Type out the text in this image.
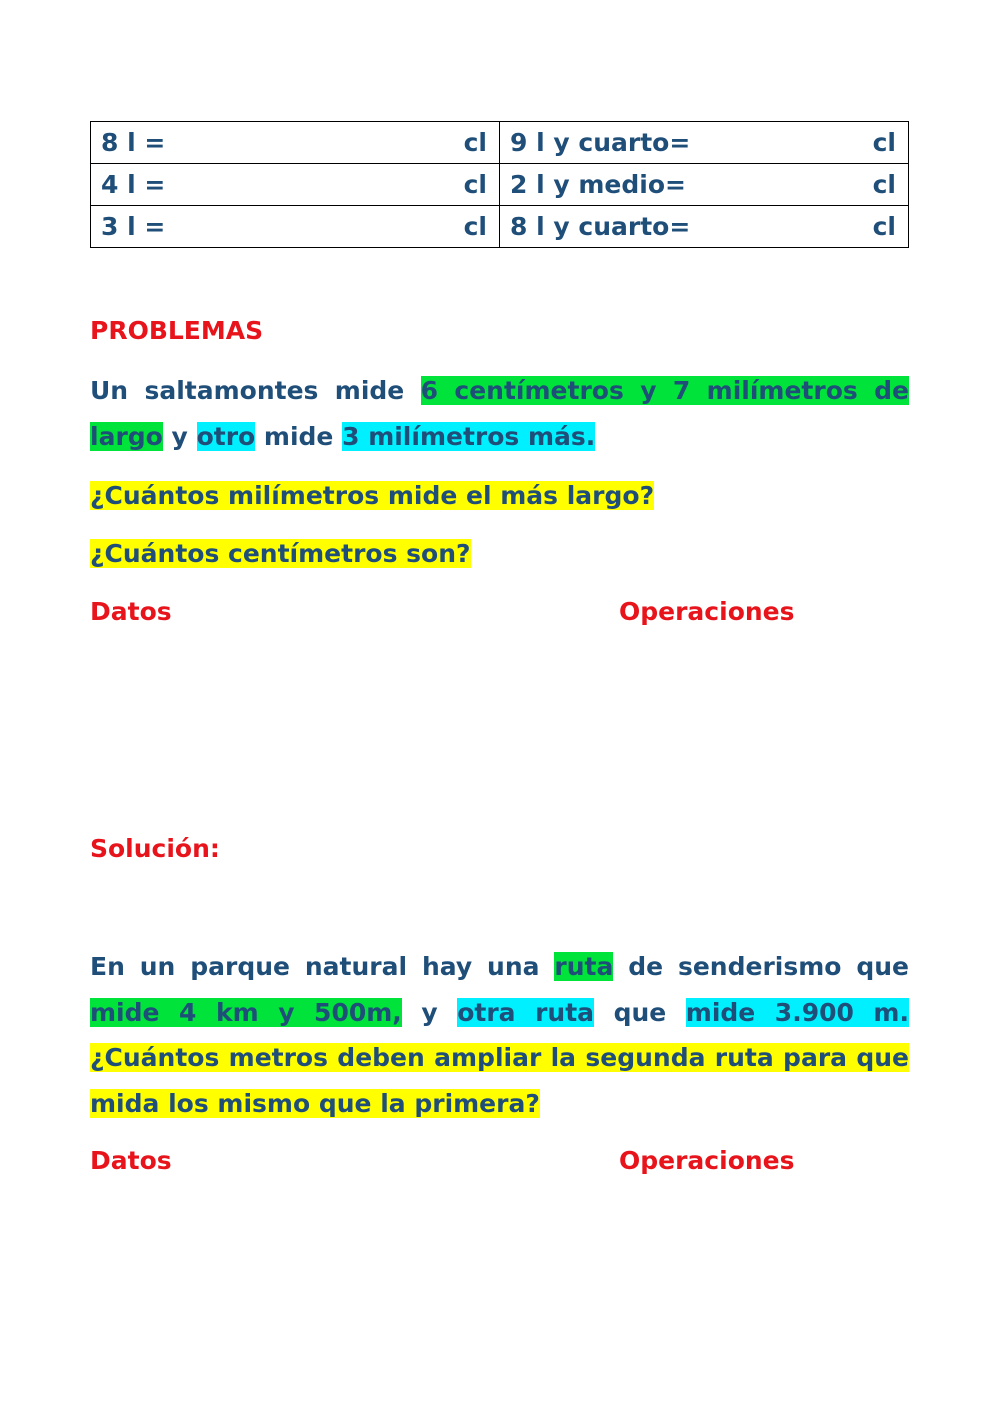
8 l = cl	9 l y cuarto= cl

4 l = cl	2 l y medio= cl

3 l = cl	8 l y cuarto= cl
PROBLEMAS
Un saltamontes mide 6 centímetros y 7 milímetros de largo y otro mide 3 milímetros más.
¿Cuántos milímetros mide el más largo?
¿Cuántos centímetros son?
Datos	Operaciones
Solución:
En un parque natural hay una ruta de senderismo que mide 4 km y 500m, y otra ruta que mide 3.900 m. ¿Cuántos metros deben ampliar la segunda ruta para que mida los mismo que la primera?
Datos	Operaciones
